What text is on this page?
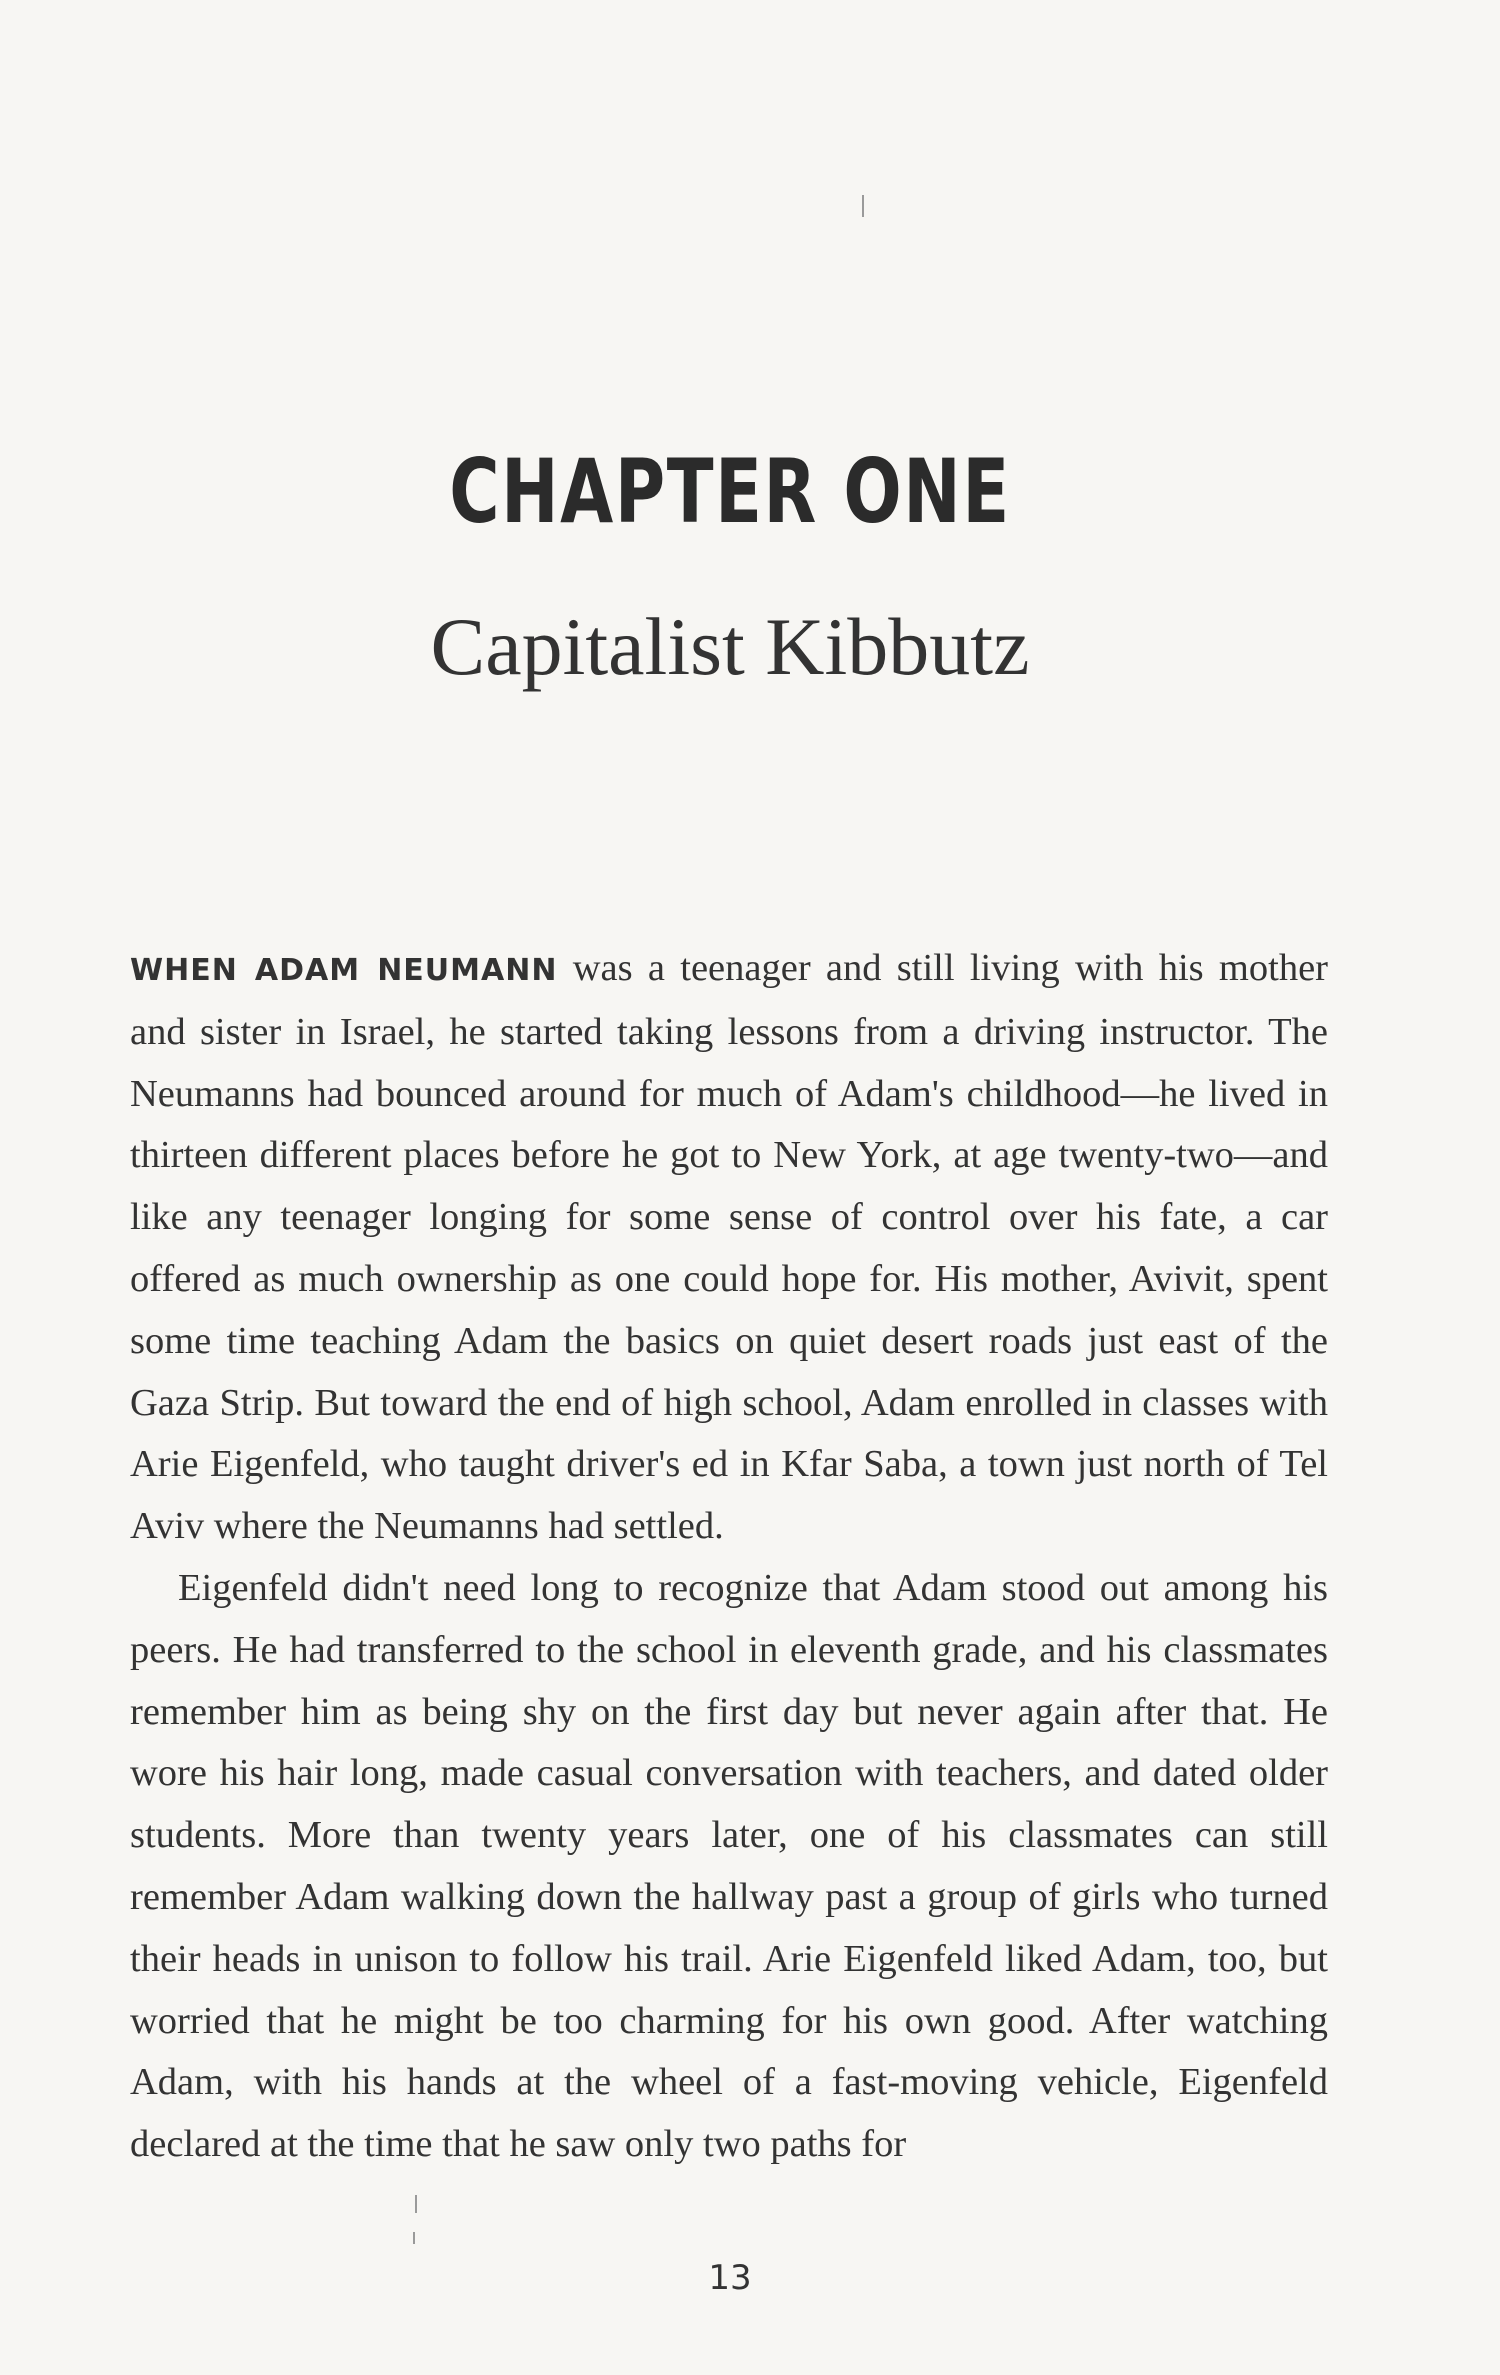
CHAPTER ONE
Capitalist Kibbutz

WHEN ADAM NEUMANN was a teenager and still living with his mother and sister in Israel, he started taking lessons from a driving instructor. The Neumanns had bounced around for much of Adam's childhood—he lived in thirteen different places before he got to New York, at age twenty-two—and like any teenager longing for some sense of control over his fate, a car offered as much ownership as one could hope for. His mother, Avivit, spent some time teaching Adam the basics on quiet desert roads just east of the Gaza Strip. But toward the end of high school, Adam enrolled in classes with Arie Eigenfeld, who taught driver's ed in Kfar Saba, a town just north of Tel Aviv where the Neumanns had settled.

Eigenfeld didn't need long to recognize that Adam stood out among his peers. He had transferred to the school in eleventh grade, and his classmates remember him as being shy on the first day but never again after that. He wore his hair long, made casual conversation with teachers, and dated older students. More than twenty years later, one of his classmates can still remember Adam walking down the hallway past a group of girls who turned their heads in unison to follow his trail. Arie Eigenfeld liked Adam, too, but worried that he might be too charming for his own good. After watching Adam, with his hands at the wheel of a fast-moving vehicle, Eigenfeld declared at the time that he saw only two paths for

13
